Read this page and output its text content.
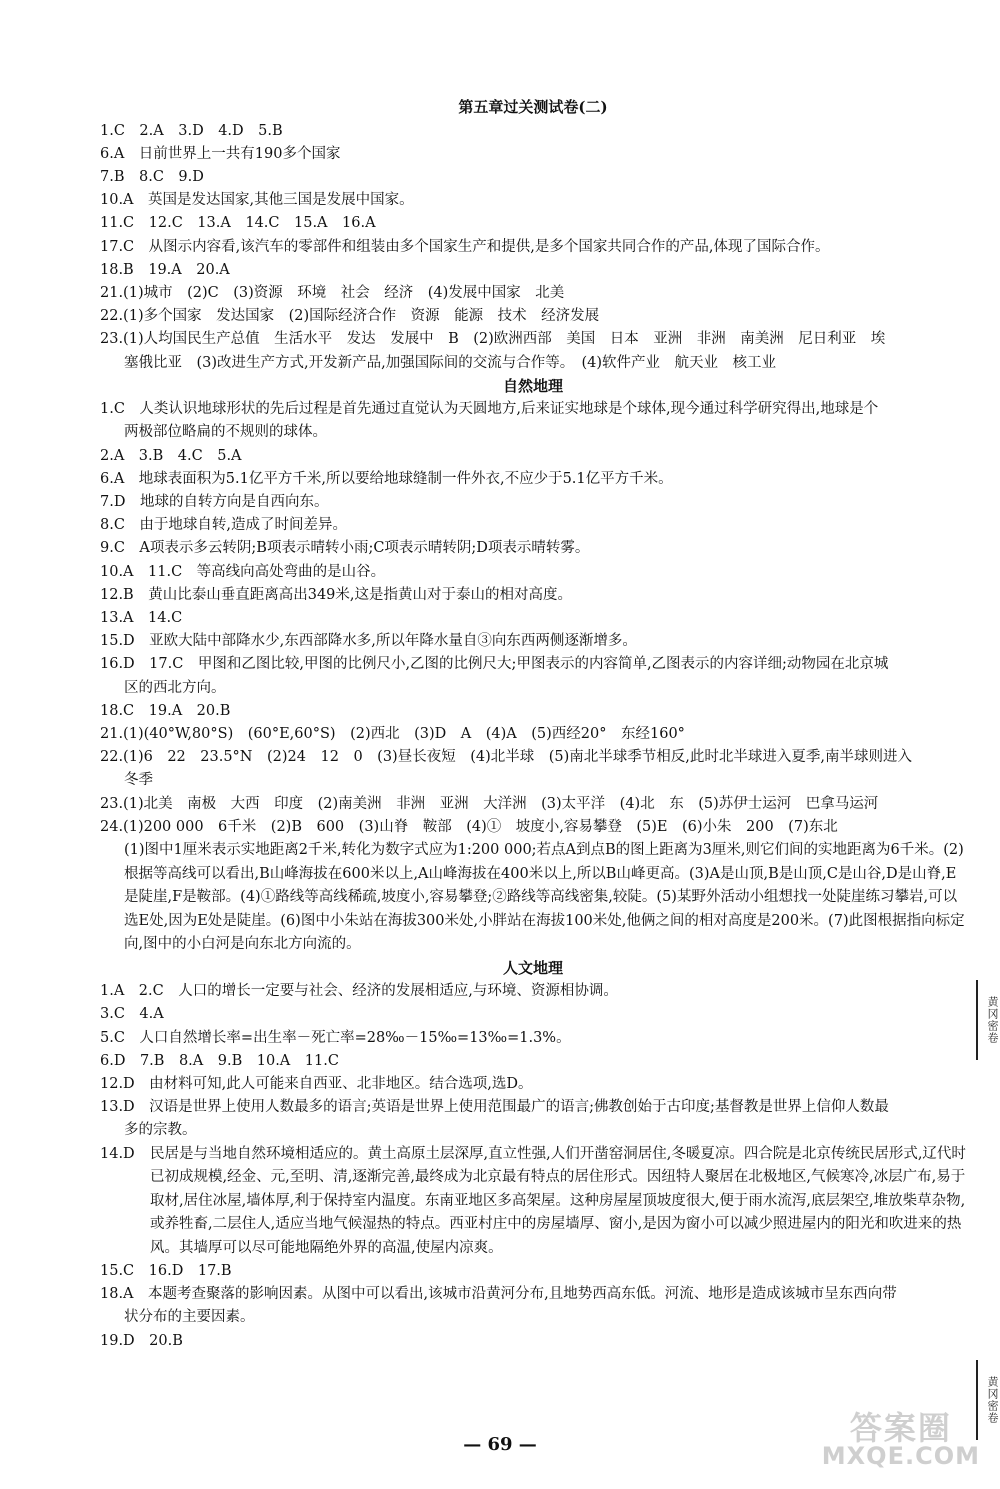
第五章过关测试卷(二)

1.C　2.A　3.D　4.D　5.B

6.A　日前世界上一共有190多个国家

7.B　8.C　9.D

10.A　英国是发达国家,其他三国是发展中国家。

11.C　12.C　13.A　14.C　15.A　16.A

17.C　从图示内容看,该汽车的零部件和组装由多个国家生产和提供,是多个国家共同合作的产品,体现了国际合作。

18.B　19.A　20.A

21.(1)城市　(2)C　(3)资源　环境　社会　经济　(4)发展中国家　北美

22.(1)多个国家　发达国家　(2)国际经济合作　资源　能源　技术　经济发展

23.(1)人均国民生产总值　生活水平　发达　发展中　B　(2)欧洲西部　美国　日本　亚洲　非洲　南美洲　尼日利亚　埃

塞俄比亚　(3)改进生产方式,开发新产品,加强国际间的交流与合作等。　(4)软件产业　航天业　核工业

自然地理

1.C　人类认识地球形状的先后过程是首先通过直觉认为天圆地方,后来证实地球是个球体,现今通过科学研究得出,地球是个

两极部位略扁的不规则的球体。

2.A　3.B　4.C　5.A

6.A　地球表面积为5.1亿平方千米,所以要给地球缝制一件外衣,不应少于5.1亿平方千米。

7.D　地球的自转方向是自西向东。

8.C　由于地球自转,造成了时间差异。

9.C　A项表示多云转阴;B项表示晴转小雨;C项表示晴转阴;D项表示晴转雾。

10.A　11.C　等高线向高处弯曲的是山谷。

12.B　黄山比泰山垂直距离高出349米,这是指黄山对于泰山的相对高度。

13.A　14.C

15.D　亚欧大陆中部降水少,东西部降水多,所以年降水量自③向东西两侧逐渐增多。

16.D　17.C　甲图和乙图比较,甲图的比例尺小,乙图的比例尺大;甲图表示的内容简单,乙图表示的内容详细;动物园在北京城

区的西北方向。

18.C　19.A　20.B

21.(1)(40°W,80°S)　(60°E,60°S)　(2)西北　(3)D　A　(4)A　(5)西经20°　东经160°

22.(1)6　22　23.5°N　(2)24　12　0　(3)昼长夜短　(4)北半球　(5)南北半球季节相反,此时北半球进入夏季,南半球则进入

冬季

23.(1)北美　南极　大西　印度　(2)南美洲　非洲　亚洲　大洋洲　(3)太平洋　(4)北　东　(5)苏伊士运河　巴拿马运河

24.(1)200 000　6千米　(2)B　600　(3)山脊　鞍部　(4)①　坡度小,容易攀登　(5)E　(6)小朱　200　(7)东北

(1)图中1厘米表示实地距离2千米,转化为数字式应为1:200 000;若点A到点B的图上距离为3厘米,则它们间的实地距离为6千米。(2)根据等高线可以看出,B山峰海拔在600米以上,A山峰海拔在400米以上,所以B山峰更高。(3)A是山顶,B是山顶,C是山谷,D是山脊,E是陡崖,F是鞍部。(4)①路线等高线稀疏,坡度小,容易攀登;②路线等高线密集,较陡。(5)某野外活动小组想找一处陡崖练习攀岩,可以选E处,因为E处是陡崖。(6)图中小朱站在海拔300米处,小胖站在海拔100米处,他俩之间的相对高度是200米。(7)此图根据指向标定向,图中的小白河是向东北方向流的。

人文地理

1.A　2.C　人口的增长一定要与社会、经济的发展相适应,与环境、资源相协调。

3.C　4.A

5.C　人口自然增长率=出生率－死亡率=28‰－15‰=13‰=1.3%。

6.D　7.B　8.A　9.B　10.A　11.C

12.D　由材料可知,此人可能来自西亚、北非地区。结合选项,选D。

13.D　汉语是世界上使用人数最多的语言;英语是世界上使用范围最广的语言;佛教创始于古印度;基督教是世界上信仰人数最

多的宗教。

14.D	民居是与当地自然环境相适应的。黄土高原土层深厚,直立性强,人们开凿窑洞居住,冬暖夏凉。四合院是北京传统民居形式,辽代时已初成规模,经金、元,至明、清,逐渐完善,最终成为北京最有特点的居住形式。因纽特人聚居在北极地区,气候寒冷,冰层广布,易于取材,居住冰屋,墙体厚,利于保持室内温度。东南亚地区多高架屋。这种房屋屋顶坡度很大,便于雨水流泻,底层架空,堆放柴草杂物,或养牲畜,二层住人,适应当地气候湿热的特点。西亚村庄中的房屋墙厚、窗小,是因为窗小可以减少照进屋内的阳光和吹进来的热风。其墙厚可以尽可能地隔绝外界的高温,使屋内凉爽。

15.C　16.D　17.B

18.A　本题考查聚落的影响因素。从图中可以看出,该城市沿黄河分布,且地势西高东低。河流、地形是造成该城市呈东西向带

状分布的主要因素。

19.D　20.B

— 69 —
黄冈密卷
黄冈密卷
答案圈
MXQE.COM
